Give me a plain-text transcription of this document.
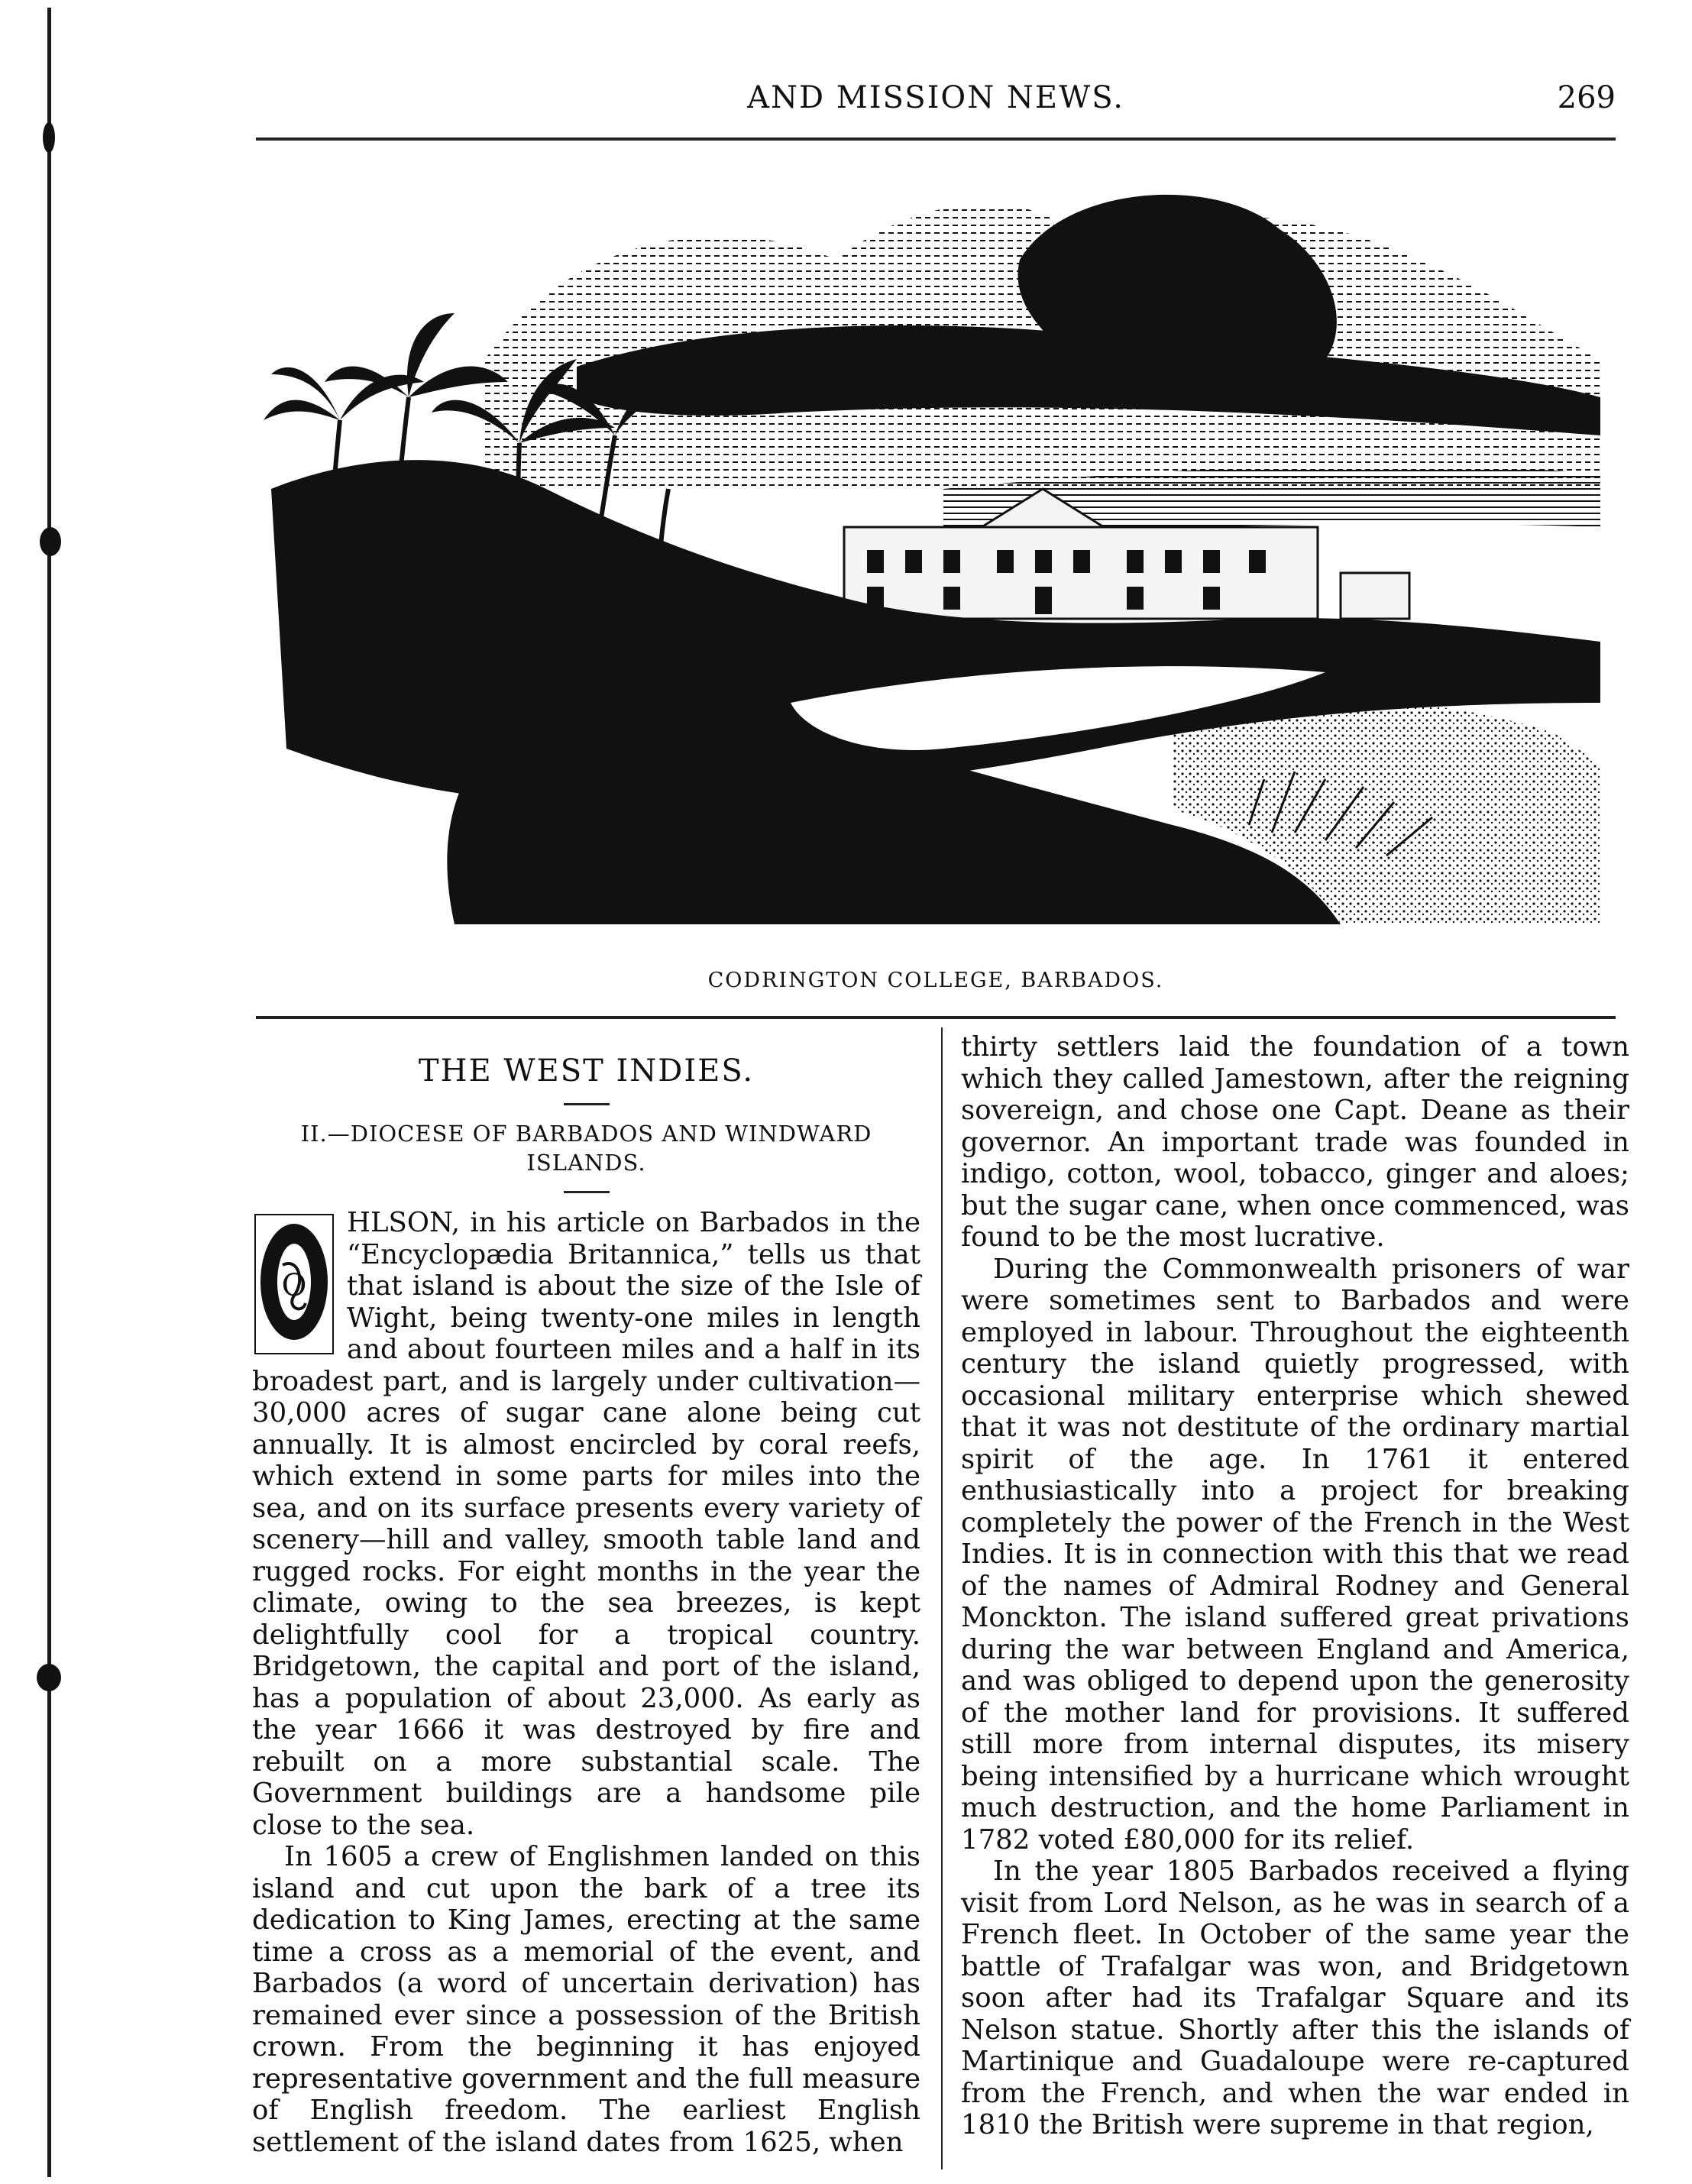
AND MISSION NEWS.	269
CODRINGTON COLLEGE, BARBADOS.

THE WEST INDIES.

II.—DIOCESE OF BARBADOS AND WINDWARD ISLANDS.

O

HLSON, in his article on Barbados in the “Encyclopædia Britannica,” tells us that that island is about the size of the Isle of Wight, being twenty-one miles in length and about fourteen miles and a half in its broadest part, and is largely under cultivation—30,000 acres of sugar cane alone being cut annually. It is almost encircled by coral reefs, which extend in some parts for miles into the sea, and on its surface presents every variety of scenery—hill and valley, smooth table land and rugged rocks. For eight months in the year the climate, owing to the sea breezes, is kept delightfully cool for a tropical country. Bridgetown, the capital and port of the island, has a population of about 23,000. As early as the year 1666 it was destroyed by fire and rebuilt on a more substantial scale. The Government buildings are a handsome pile close to the sea.

In 1605 a crew of Englishmen landed on this island and cut upon the bark of a tree its dedication to King James, erecting at the same time a cross as a memorial of the event, and Barbados (a word of uncertain derivation) has remained ever since a possession of the British crown. From the beginning it has enjoyed representative government and the full measure of English freedom. The earliest English settlement of the island dates from 1625, when

thirty settlers laid the foundation of a town which they called Jamestown, after the reigning sovereign, and chose one Capt. Deane as their governor. An important trade was founded in indigo, cotton, wool, tobacco, ginger and aloes; but the sugar cane, when once commenced, was found to be the most lucrative.

During the Commonwealth prisoners of war were sometimes sent to Barbados and were employed in labour. Throughout the eighteenth century the island quietly progressed, with occasional military enterprise which shewed that it was not destitute of the ordinary martial spirit of the age. In 1761 it entered enthusiastically into a project for breaking completely the power of the French in the West Indies. It is in connection with this that we read of the names of Admiral Rodney and General Monckton. The island suffered great privations during the war between England and America, and was obliged to depend upon the generosity of the mother land for provisions. It suffered still more from internal disputes, its misery being intensified by a hurricane which wrought much destruction, and the home Parliament in 1782 voted £80,000 for its relief.

In the year 1805 Barbados received a flying visit from Lord Nelson, as he was in search of a French fleet. In October of the same year the battle of Trafalgar was won, and Bridgetown soon after had its Trafalgar Square and its Nelson statue. Shortly after this the islands of Martinique and Guadaloupe were re-captured from the French, and when the war ended in 1810 the British were supreme in that region,
